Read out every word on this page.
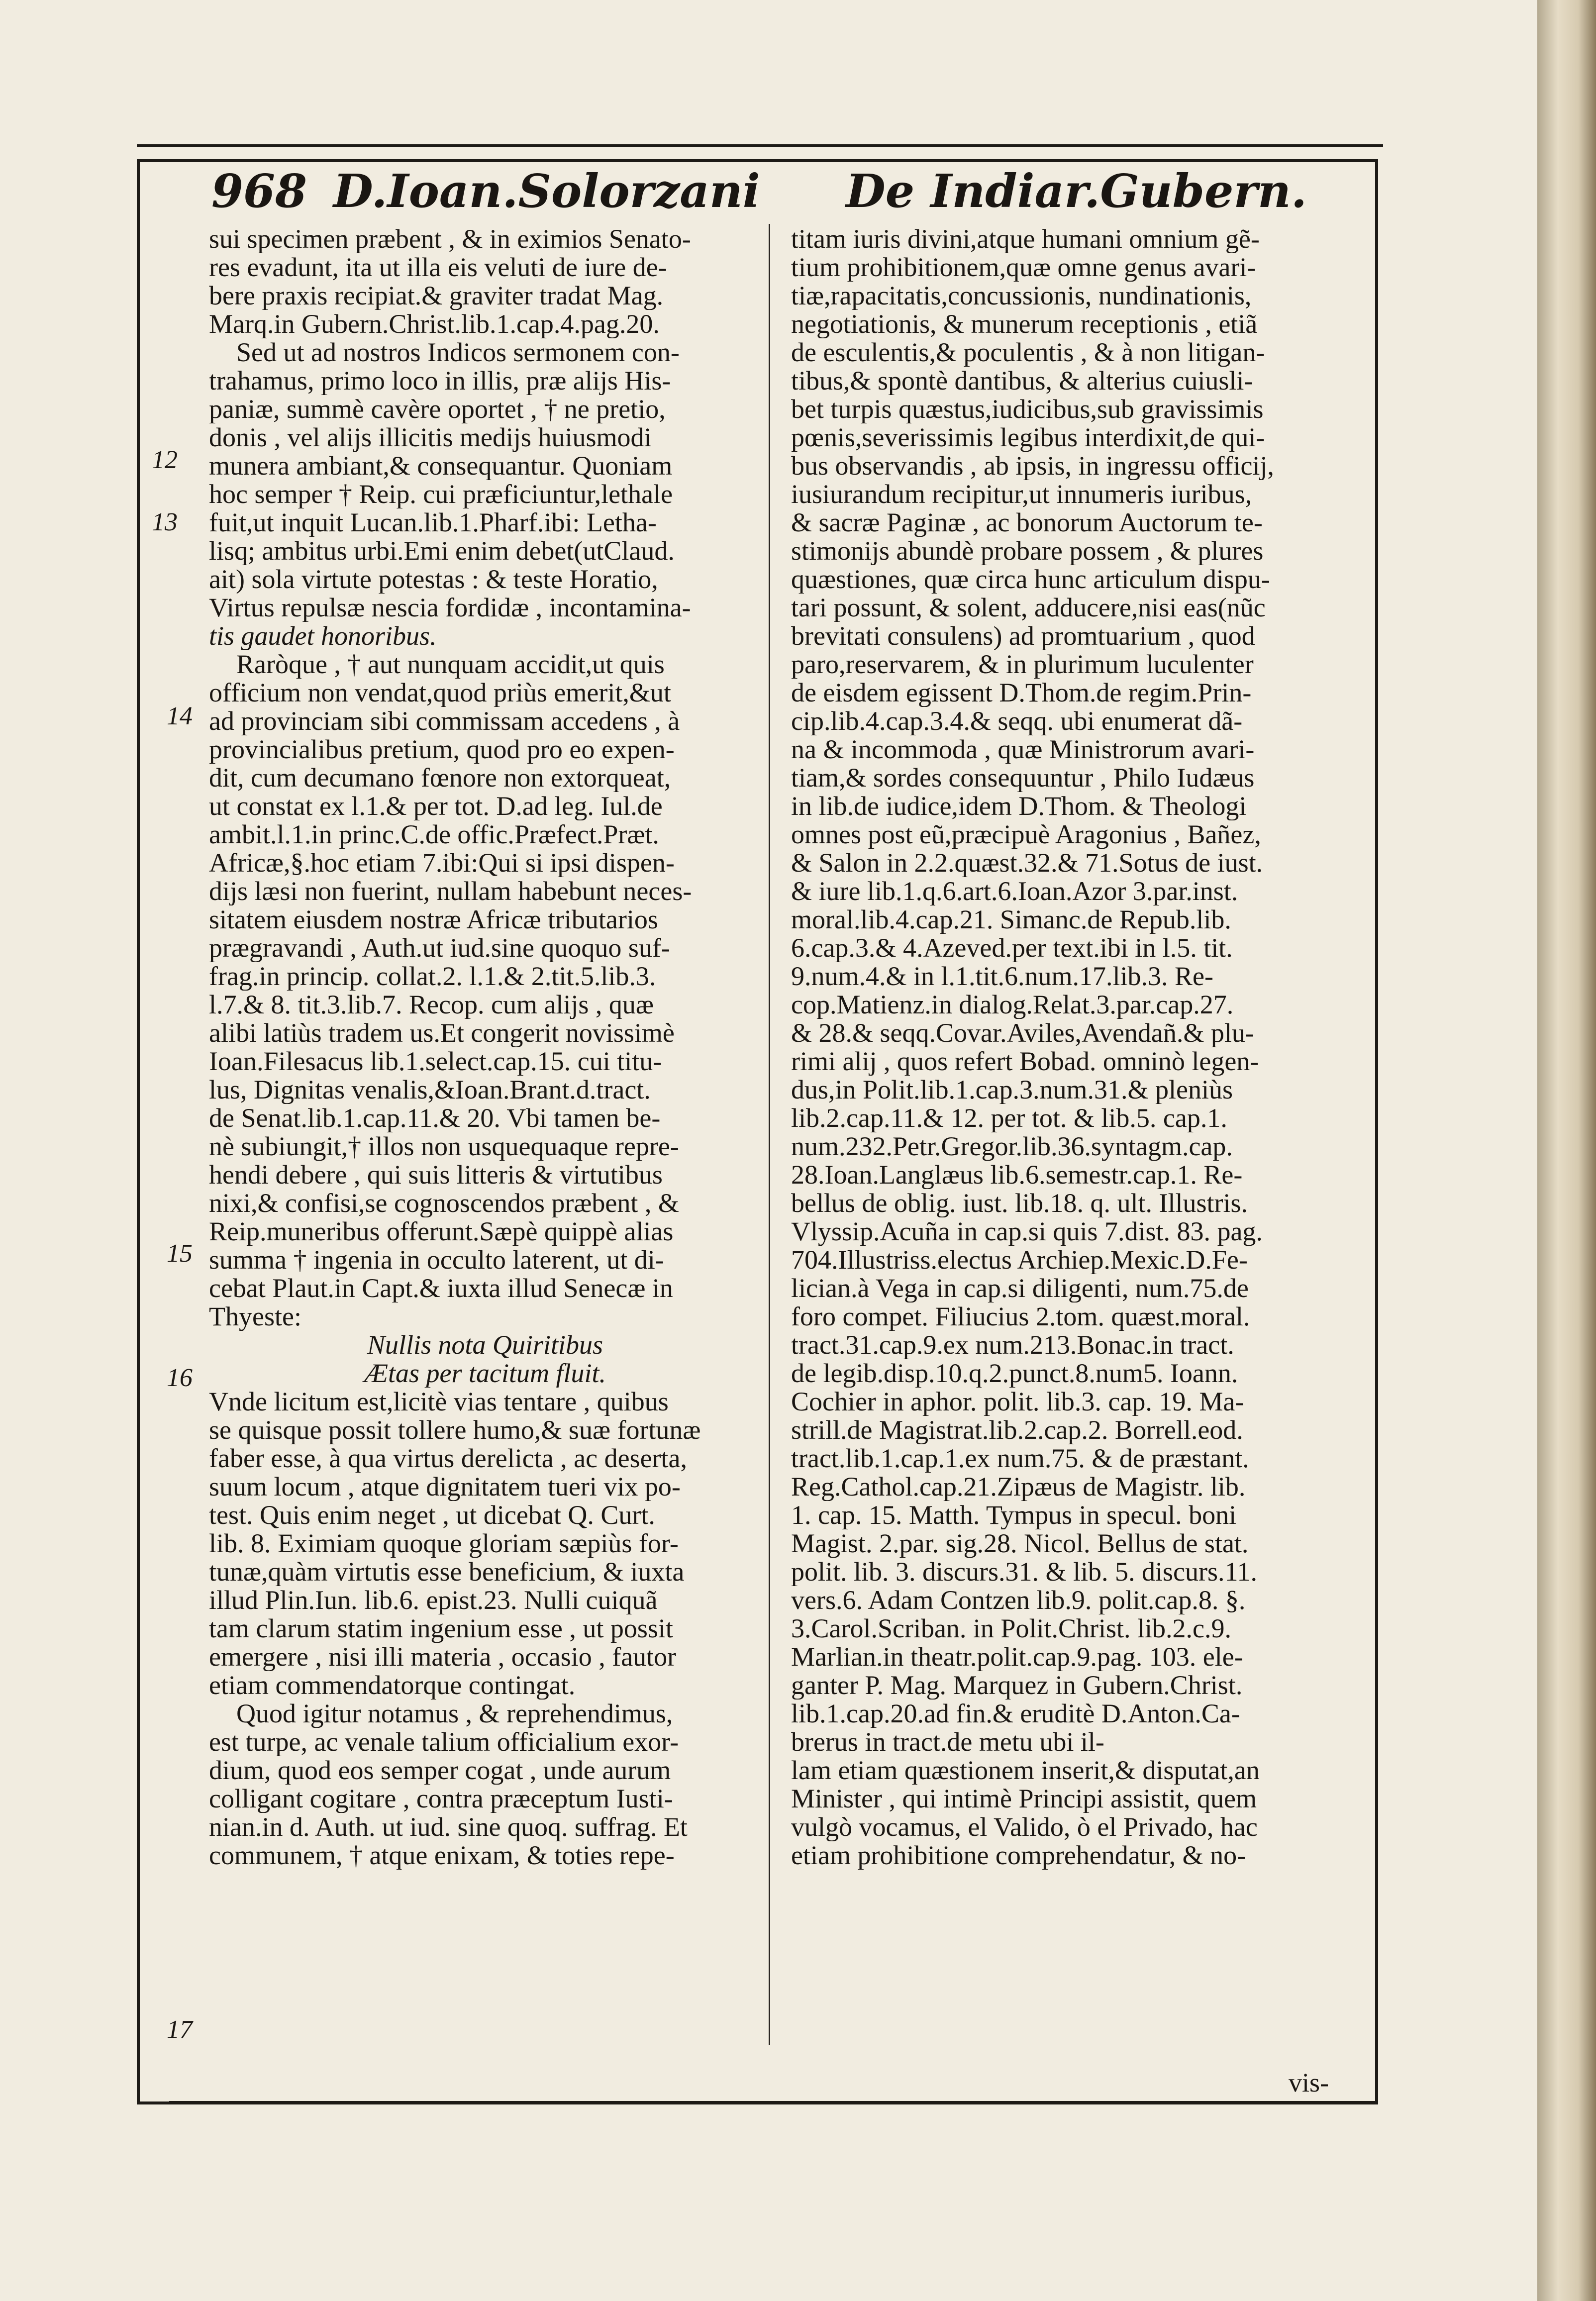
968 D.Ioan.Solorzani De Indiar.Gubern.
12
13
14
15
16
17
sui specimen præbent , & in eximios Senato-
res evadunt, ita ut illa eis veluti de iure de-
bere praxis recipiat.& graviter tradat Mag.
Marq.in Gubern.Christ.lib.1.cap.4.pag.20.
Sed ut ad nostros Indicos sermonem con-
trahamus, primo loco in illis, præ alijs His-
paniæ, summè cavère oportet , † ne pretio,
donis , vel alijs illicitis medijs huiusmodi
munera ambiant,& consequantur. Quoniam
hoc semper † Reip. cui præficiuntur,lethale
fuit,ut inquit Lucan.lib.1.Pharf.ibi: Letha-
lisq; ambitus urbi.Emi enim debet(utClaud.
ait) sola virtute potestas : & teste Horatio,
Virtus repulsæ nescia fordidæ , incontamina-
tis gaudet honoribus.
Raròque , † aut nunquam accidit,ut quis
officium non vendat,quod priùs emerit,&ut
ad provinciam sibi commissam accedens , à
provincialibus pretium, quod pro eo expen-
dit, cum decumano fœnore non extorqueat,
ut constat ex l.1.& per tot. D.ad leg. Iul.de
ambit.l.1.in princ.C.de offic.Præfect.Præt.
Africæ,§.hoc etiam 7.ibi:Qui si ipsi dispen-
dijs læsi non fuerint, nullam habebunt neces-
sitatem eiusdem nostræ Africæ tributarios
prægravandi , Auth.ut iud.sine quoquo suf-
frag.in princip. collat.2. l.1.& 2.tit.5.lib.3.
l.7.& 8. tit.3.lib.7. Recop. cum alijs , quæ
alibi latiùs tradem us.Et congerit novissimè
Ioan.Filesacus lib.1.select.cap.15. cui titu-
lus, Dignitas venalis,&Ioan.Brant.d.tract.
de Senat.lib.1.cap.11.& 20. Vbi tamen be-
nè subiungit,† illos non usquequaque repre-
hendi debere , qui suis litteris & virtutibus
nixi,& confisi,se cognoscendos præbent , &
Reip.muneribus offerunt.Sæpè quippè alias
summa † ingenia in occulto laterent, ut di-
cebat Plaut.in Capt.& iuxta illud Senecæ in
Thyeste:
Nullis nota Quiritibus
Ætas per tacitum fluit.
Vnde licitum est,licitè vias tentare , quibus
se quisque possit tollere humo,& suæ fortunæ
faber esse, à qua virtus derelicta , ac deserta,
suum locum , atque dignitatem tueri vix po-
test. Quis enim neget , ut dicebat Q. Curt.
lib. 8. Eximiam quoque gloriam sæpiùs for-
tunæ,quàm virtutis esse beneficium, & iuxta
illud Plin.Iun. lib.6. epist.23. Nulli cuiquã
tam clarum statim ingenium esse , ut possit
emergere , nisi illi materia , occasio , fautor
etiam commendatorque contingat.
Quod igitur notamus , & reprehendimus,
est turpe, ac venale talium officialium exor-
dium, quod eos semper cogat , unde aurum
colligant cogitare , contra præceptum Iusti-
nian.in d. Auth. ut iud. sine quoq. suffrag. Et
communem, † atque enixam, & toties repe-
titam iuris divini,atque humani omnium gẽ-
tium prohibitionem,quæ omne genus avari-
tiæ,rapacitatis,concussionis, nundinationis,
negotiationis, & munerum receptionis , etiã
de esculentis,& poculentis , & à non litigan-
tibus,& spontè dantibus, & alterius cuiusli-
bet turpis quæstus,iudicibus,sub gravissimis
pœnis,severissimis legibus interdixit,de qui-
bus observandis , ab ipsis, in ingressu officij,
iusiurandum recipitur,ut innumeris iuribus,
& sacræ Paginæ , ac bonorum Auctorum te-
stimonijs abundè probare possem , & plures
quæstiones, quæ circa hunc articulum dispu-
tari possunt, & solent, adducere,nisi eas(nũc
brevitati consulens) ad promtuarium , quod
paro,reservarem, & in plurimum luculenter
de eisdem egissent D.Thom.de regim.Prin-
cip.lib.4.cap.3.4.& seqq. ubi enumerat dã-
na & incommoda , quæ Ministrorum avari-
tiam,& sordes consequuntur , Philo Iudæus
in lib.de iudice,idem D.Thom. & Theologi
omnes post eũ,præcipuè Aragonius , Bañez,
& Salon in 2.2.quæst.32.& 71.Sotus de iust.
& iure lib.1.q.6.art.6.Ioan.Azor 3.par.inst.
moral.lib.4.cap.21. Simanc.de Repub.lib.
6.cap.3.& 4.Azeved.per text.ibi in l.5. tit.
9.num.4.& in l.1.tit.6.num.17.lib.3. Re-
cop.Matienz.in dialog.Relat.3.par.cap.27.
& 28.& seqq.Covar.Aviles,Avendañ.& plu-
rimi alij , quos refert Bobad. omninò legen-
dus,in Polit.lib.1.cap.3.num.31.& pleniùs
lib.2.cap.11.& 12. per tot. & lib.5. cap.1.
num.232.Petr.Gregor.lib.36.syntagm.cap.
28.Ioan.Langlæus lib.6.semestr.cap.1. Re-
bellus de oblig. iust. lib.18. q. ult. Illustris.
Vlyssip.Acuña in cap.si quis 7.dist. 83. pag.
704.Illustriss.electus Archiep.Mexic.D.Fe-
lician.à Vega in cap.si diligenti, num.75.de
foro compet. Filiucius 2.tom. quæst.moral.
tract.31.cap.9.ex num.213.Bonac.in tract.
de legib.disp.10.q.2.punct.8.num5. Ioann.
Cochier in aphor. polit. lib.3. cap. 19. Ma-
strill.de Magistrat.lib.2.cap.2. Borrell.eod.
tract.lib.1.cap.1.ex num.75. & de præstant.
Reg.Cathol.cap.21.Zipæus de Magistr. lib.
1. cap. 15. Matth. Tympus in specul. boni
Magist. 2.par. sig.28. Nicol. Bellus de stat.
polit. lib. 3. discurs.31. & lib. 5. discurs.11.
vers.6. Adam Contzen lib.9. polit.cap.8. §.
3.Carol.Scriban. in Polit.Christ. lib.2.c.9.
Marlian.in theatr.polit.cap.9.pag. 103. ele-
ganter P. Mag. Marquez in Gubern.Christ.
lib.1.cap.20.ad fin.& eruditè D.Anton.Ca-
brerus in tract.de metu ubi il-
lam etiam quæstionem inserit,& disputat,an
Minister , qui intimè Principi assistit, quem
vulgò vocamus, el Valido, ò el Privado, hac
etiam prohibitione comprehendatur, & no-
vis-
